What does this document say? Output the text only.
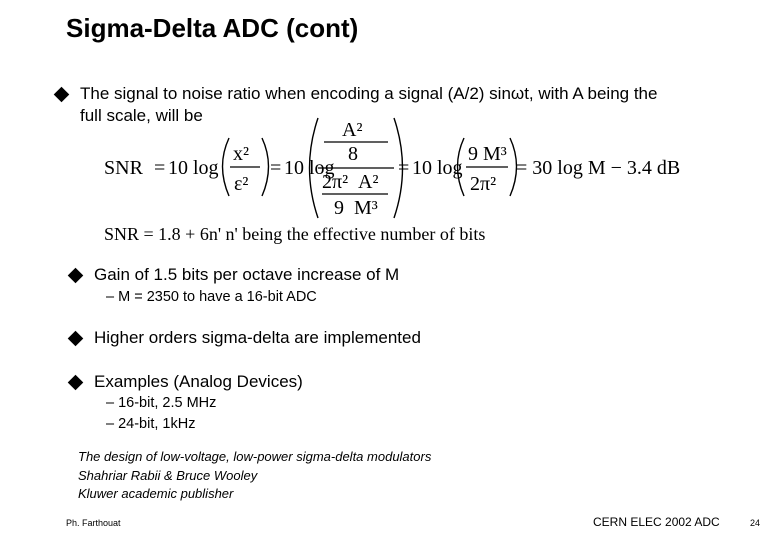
Sigma-Delta ADC (cont)
The signal to noise ratio when encoding a signal (A/2) sinωt, with A being the
full scale, will be
SNR = 10 log
x²
ε²
= 10 log
A²
8
2π² A²
9 M³
= 10 log
9 M³
2π²
= 30 log M − 3.4 dB
SNR = 1.8 + 6n' n' being the effective number of bits
Gain of 1.5 bits per octave increase of M
– M = 2350 to have a 16-bit ADC
Higher orders sigma-delta are implemented
Examples (Analog Devices)
– 16-bit, 2.5 MHz
– 24-bit, 1kHz
The design of low-voltage, low-power sigma-delta modulators
Shahriar Rabii & Bruce Wooley
Kluwer academic publisher
Ph. Farthouat	CERN ELEC 2002 ADC	24
